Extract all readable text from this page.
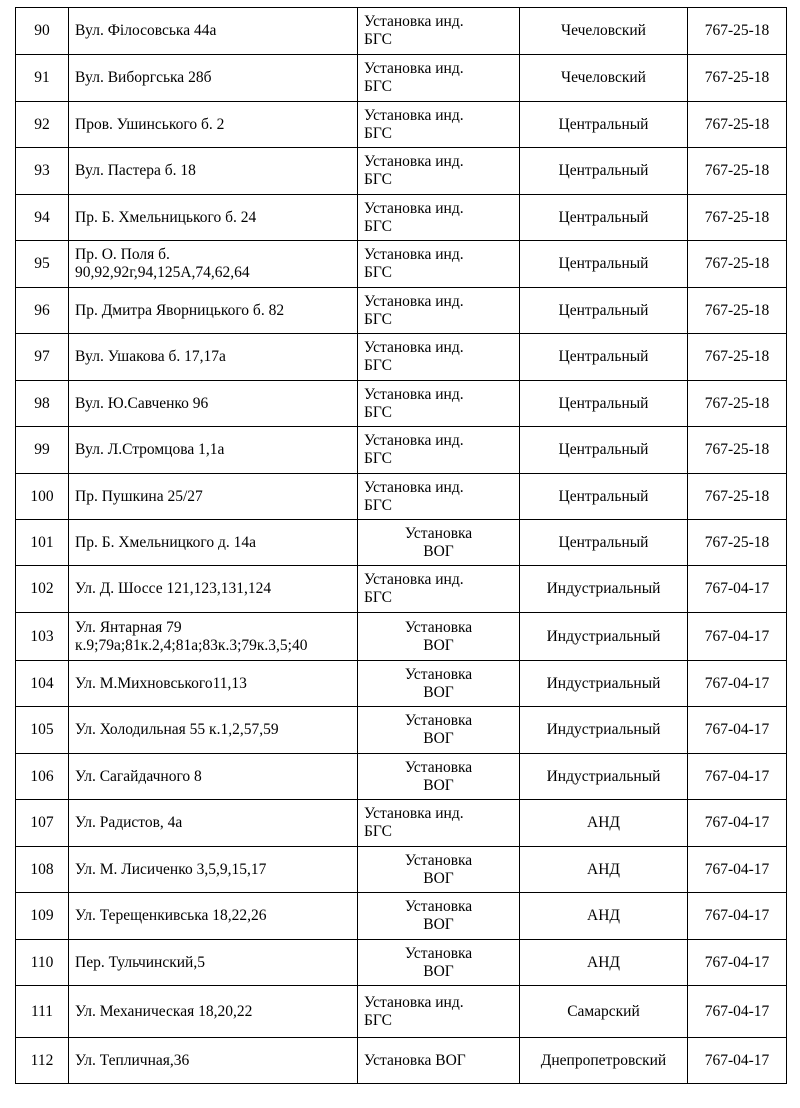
90	Вул. Філосовська 44а	Установка инд.
БГС	Чечеловский	767-25-18

91	Вул. Виборгська 28б	Установка инд.
БГС	Чечеловский	767-25-18

92	Пров. Ушинського б. 2	Установка инд.
БГС	Центральный	767-25-18

93	Вул. Пастера б. 18	Установка инд.
БГС	Центральный	767-25-18

94	Пр. Б. Хмельницького б. 24	Установка инд.
БГС	Центральный	767-25-18

95	Пр. О. Поля б.
90,92,92г,94,125А,74,62,64	Установка инд.
БГС	Центральный	767-25-18

96	Пр. Дмитра Яворницького б. 82	Установка инд.
БГС	Центральный	767-25-18

97	Вул. Ушакова б. 17,17а	Установка инд.
БГС	Центральный	767-25-18

98	Вул. Ю.Савченко 96	Установка инд.
БГС	Центральный	767-25-18

99	Вул. Л.Стромцова 1,1а	Установка инд.
БГС	Центральный	767-25-18

100	Пр. Пушкина 25/27	Установка инд.
БГС	Центральный	767-25-18

101	Пр. Б. Хмельницкого д. 14а	Установка
ВОГ	Центральный	767-25-18

102	Ул. Д. Шоссе 121,123,131,124	Установка инд.
БГС	Индустриальный	767-04-17

103	Ул. Янтарная 79
к.9;79а;81к.2,4;81а;83к.3;79к.3,5;40	Установка
ВОГ	Индустриальный	767-04-17

104	Ул. М.Михновського11,13	Установка
ВОГ	Индустриальный	767-04-17

105	Ул. Холодильная 55 к.1,2,57,59	Установка
ВОГ	Индустриальный	767-04-17

106	Ул. Сагайдачного 8	Установка
ВОГ	Индустриальный	767-04-17

107	Ул. Радистов, 4а	Установка инд.
БГС	АНД	767-04-17

108	Ул. М. Лисиченко 3,5,9,15,17	Установка
ВОГ	АНД	767-04-17

109	Ул. Терещенкивська 18,22,26	Установка
ВОГ	АНД	767-04-17

110	Пер. Тульчинский,5	Установка
ВОГ	АНД	767-04-17

111	Ул. Механическая 18,20,22	Установка инд.
БГС	Самарский	767-04-17

112	Ул. Тепличная,36	Установка ВОГ	Днепропетровский	767-04-17
